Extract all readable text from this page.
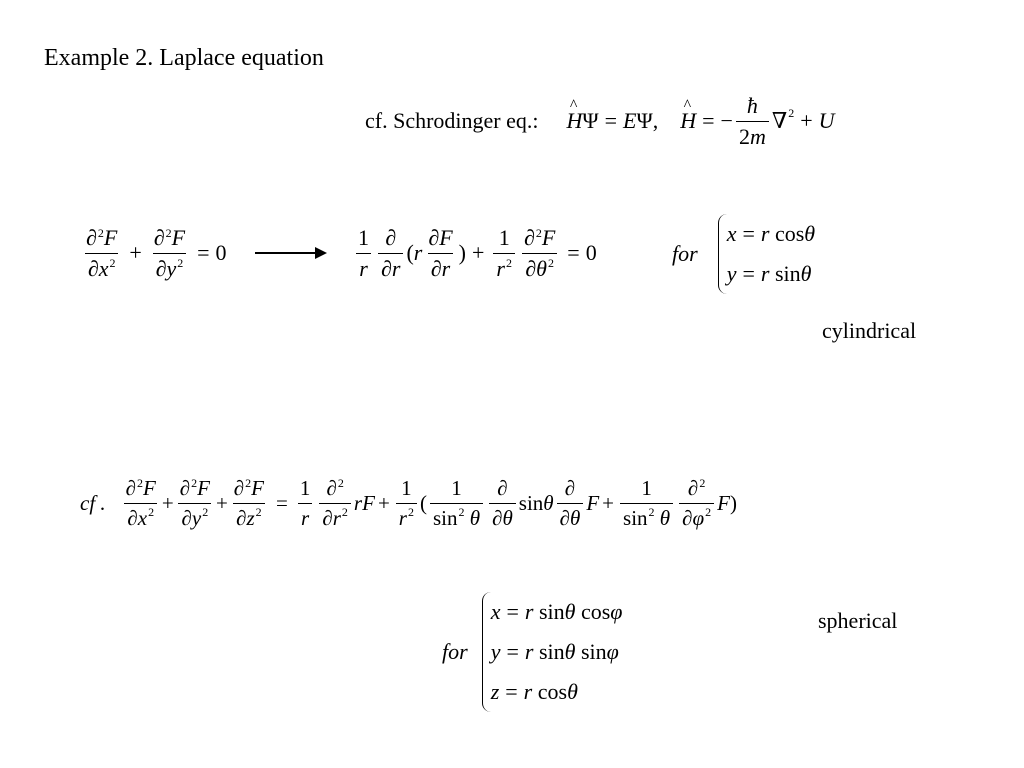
Example 2. Laplace equation
cf. Schrodinger eq.: ^ H Ψ = E Ψ , ^ H = − $\frac{ħ}{2m} \nabla^2 + U$
$\frac{\partial^2F}{\partial x^2} + \frac{\partial^2F}{\partial y^2} = 0$	$\frac{1}{r} \frac{\partial}{\partial r}$ ( r $\frac{\partial F}{\partial r}$ ) + $\frac{1}{r^2} \frac{\partial^2F}{\partial\theta^2} = 0$	for
x = r cosθ
y = r sinθ
cylindrical
cf . $\frac{\partial^2F}{\partial x^2} + \frac{\partial^2F}{\partial y^2} + \frac{\partial^2F}{\partial z^2} = \frac{1}{r} \frac{\partial^2}{\partial r^2}$ r $F + \frac{1}{r^2}$ ( $\frac{1}{\sin^2 \theta} \frac{\partial}{\partial\theta}$ sin θ $\frac{\partial}{\partial\theta}$ $F + \frac{1}{\sin^2 \theta} \frac{\partial^2}{\partial\varphi^2}$ F )
for
x = r sinθ cosφ
y = r sinθ sinφ
z = r cosθ
spherical
